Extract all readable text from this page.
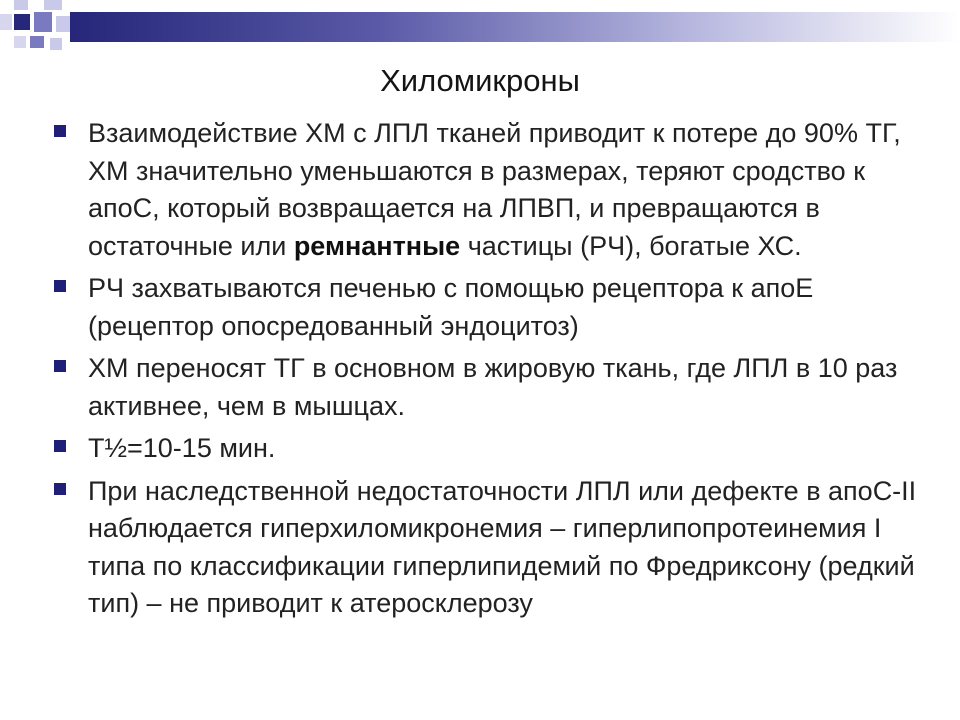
Хиломикроны
Взаимодействие ХМ с ЛПЛ тканей приводит к потере до 90% ТГ, ХМ значительно уменьшаются в размерах, теряют сродство к апоС, который возвращается на ЛПВП, и превращаются в остаточные или ремнантные частицы (РЧ), богатые ХС.
РЧ захватываются печенью с помощью рецептора к апоЕ (рецептор опосредованный эндоцитоз)
ХМ переносят ТГ в основном в жировую ткань, где ЛПЛ в 10 раз активнее, чем в мышцах.
T½=10-15 мин.
При наследственной недостаточности ЛПЛ или дефекте в апоС-II наблюдается гиперхиломикронемия – гиперлипопротеинемия I типа по классификации гиперлипидемий по Фредриксону (редкий тип) – не приводит к атеросклерозу
